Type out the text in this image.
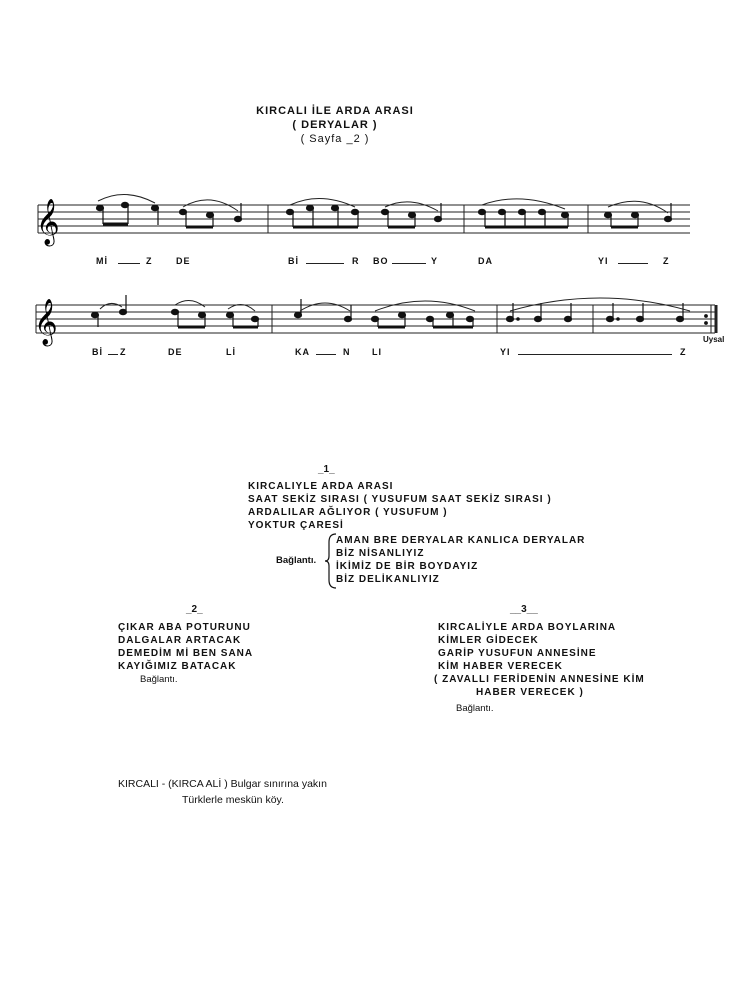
KIRCALI İLE ARDA ARASI
( DERYALAR )
( Sayfa _2 )
𝄞
Mİ	Z	DE	Bİ	R BO	Y	DA	YI	Z
𝄞
Bİ Z	DE	Lİ	KA	N LI	YI	Z
Uysal
_1_
KIRCALIYLE ARDA ARASI
SAAT SEKİZ SIRASI ( YUSUFUM SAAT SEKİZ SIRASI )
ARDALILAR AĞLIYOR ( YUSUFUM )
YOKTUR ÇARESİ
Bağlantı.
AMAN BRE DERYALAR KANLICA DERYALAR
BİZ NİSANLIYIZ
İKİMİZ DE BİR BOYDAYIZ
BİZ DELİKANLIYIZ
_2_
ÇIKAR ABA POTURUNU
DALGALAR ARTACAK
DEMEDİM Mİ BEN SANA
KAYIĞIMIZ BATACAK
Bağlantı.
__3__
KIRCALİYLE ARDA BOYLARINA
KİMLER GİDECEK
GARİP YUSUFUN ANNESİNE
KİM HABER VERECEK
( ZAVALLI FERİDENİN ANNESİNE KİM
HABER VERECEK )
Bağlantı.
KIRCALI - (KIRCA ALİ ) Bulgar sınırına yakın
Türklerle meskün köy.
